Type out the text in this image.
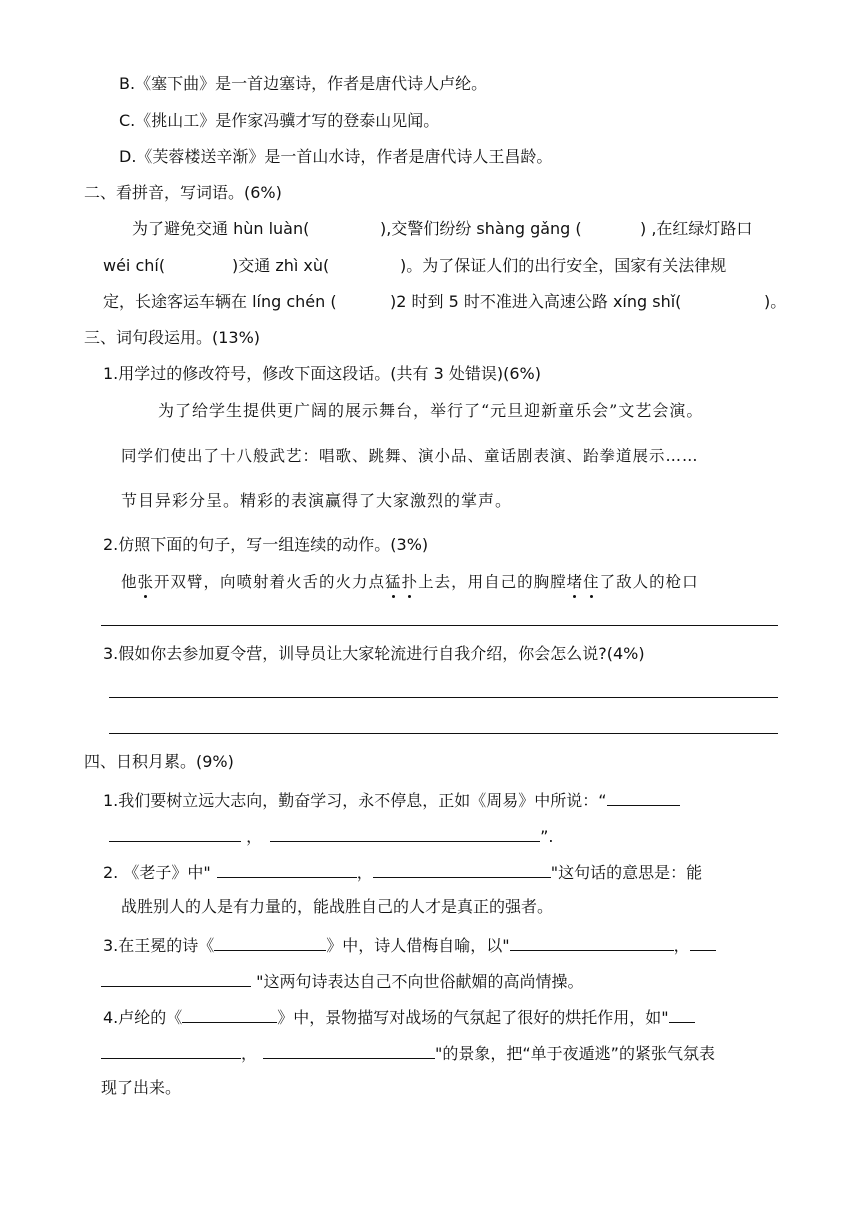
B.《塞下曲》是一首边塞诗，作者是唐代诗人卢纶。
C.《挑山工》是作家冯骥才写的登泰山见闻。
D.《芙蓉楼送辛渐》是一首山水诗，作者是唐代诗人王昌龄。
二、看拼音，写词语。(6%)
为了避免交通 hùn luàn(	),交警们纷纷 shàng gǎng (	) ,在红绿灯路口
wéi chí(	)交通 zhì xù(	)。为了保证人们的出行安全，国家有关法律规
定，长途客运车辆在 líng chén (	)2 时到 5 时不准进入高速公路 xíng shǐ(	)。
三、词句段运用。(13%)
1.用学过的修改符号，修改下面这段话。(共有 3 处错误)(6%)
为了给学生提供更广阔的展示舞台，举行了“元旦迎新童乐会”文艺会演。
同学们使出了十八般武艺：唱歌、跳舞、演小品、童话剧表演、跆拳道展示……
节目异彩分呈。精彩的表演赢得了大家激烈的掌声。
2.仿照下面的句子，写一组连续的动作。(3%)
他张开双臂，向喷射着火舌的火力点猛扑上去，用自己的胸膛堵住了敌人的枪口
3.假如你去参加夏令营，训导员让大家轮流进行自我介绍，你会怎么说?(4%)
四、日积月累。(9%)
1.我们要树立远大志向，勤奋学习，永不停息，正如《周易》中所说：“
，	”.
2. 《老子》中"	，	"这句话的意思是：能
战胜别人的人是有力量的，能战胜自己的人才是真正的强者。
3.在王冕的诗《	》中，诗人借梅自喻，以"	，
"这两句诗表达自己不向世俗献媚的高尚情操。
4.卢纶的《	》中，景物描写对战场的气氛起了很好的烘托作用，如"
，	"的景象，把“单于夜遁逃”的紧张气氛表
现了出来。
